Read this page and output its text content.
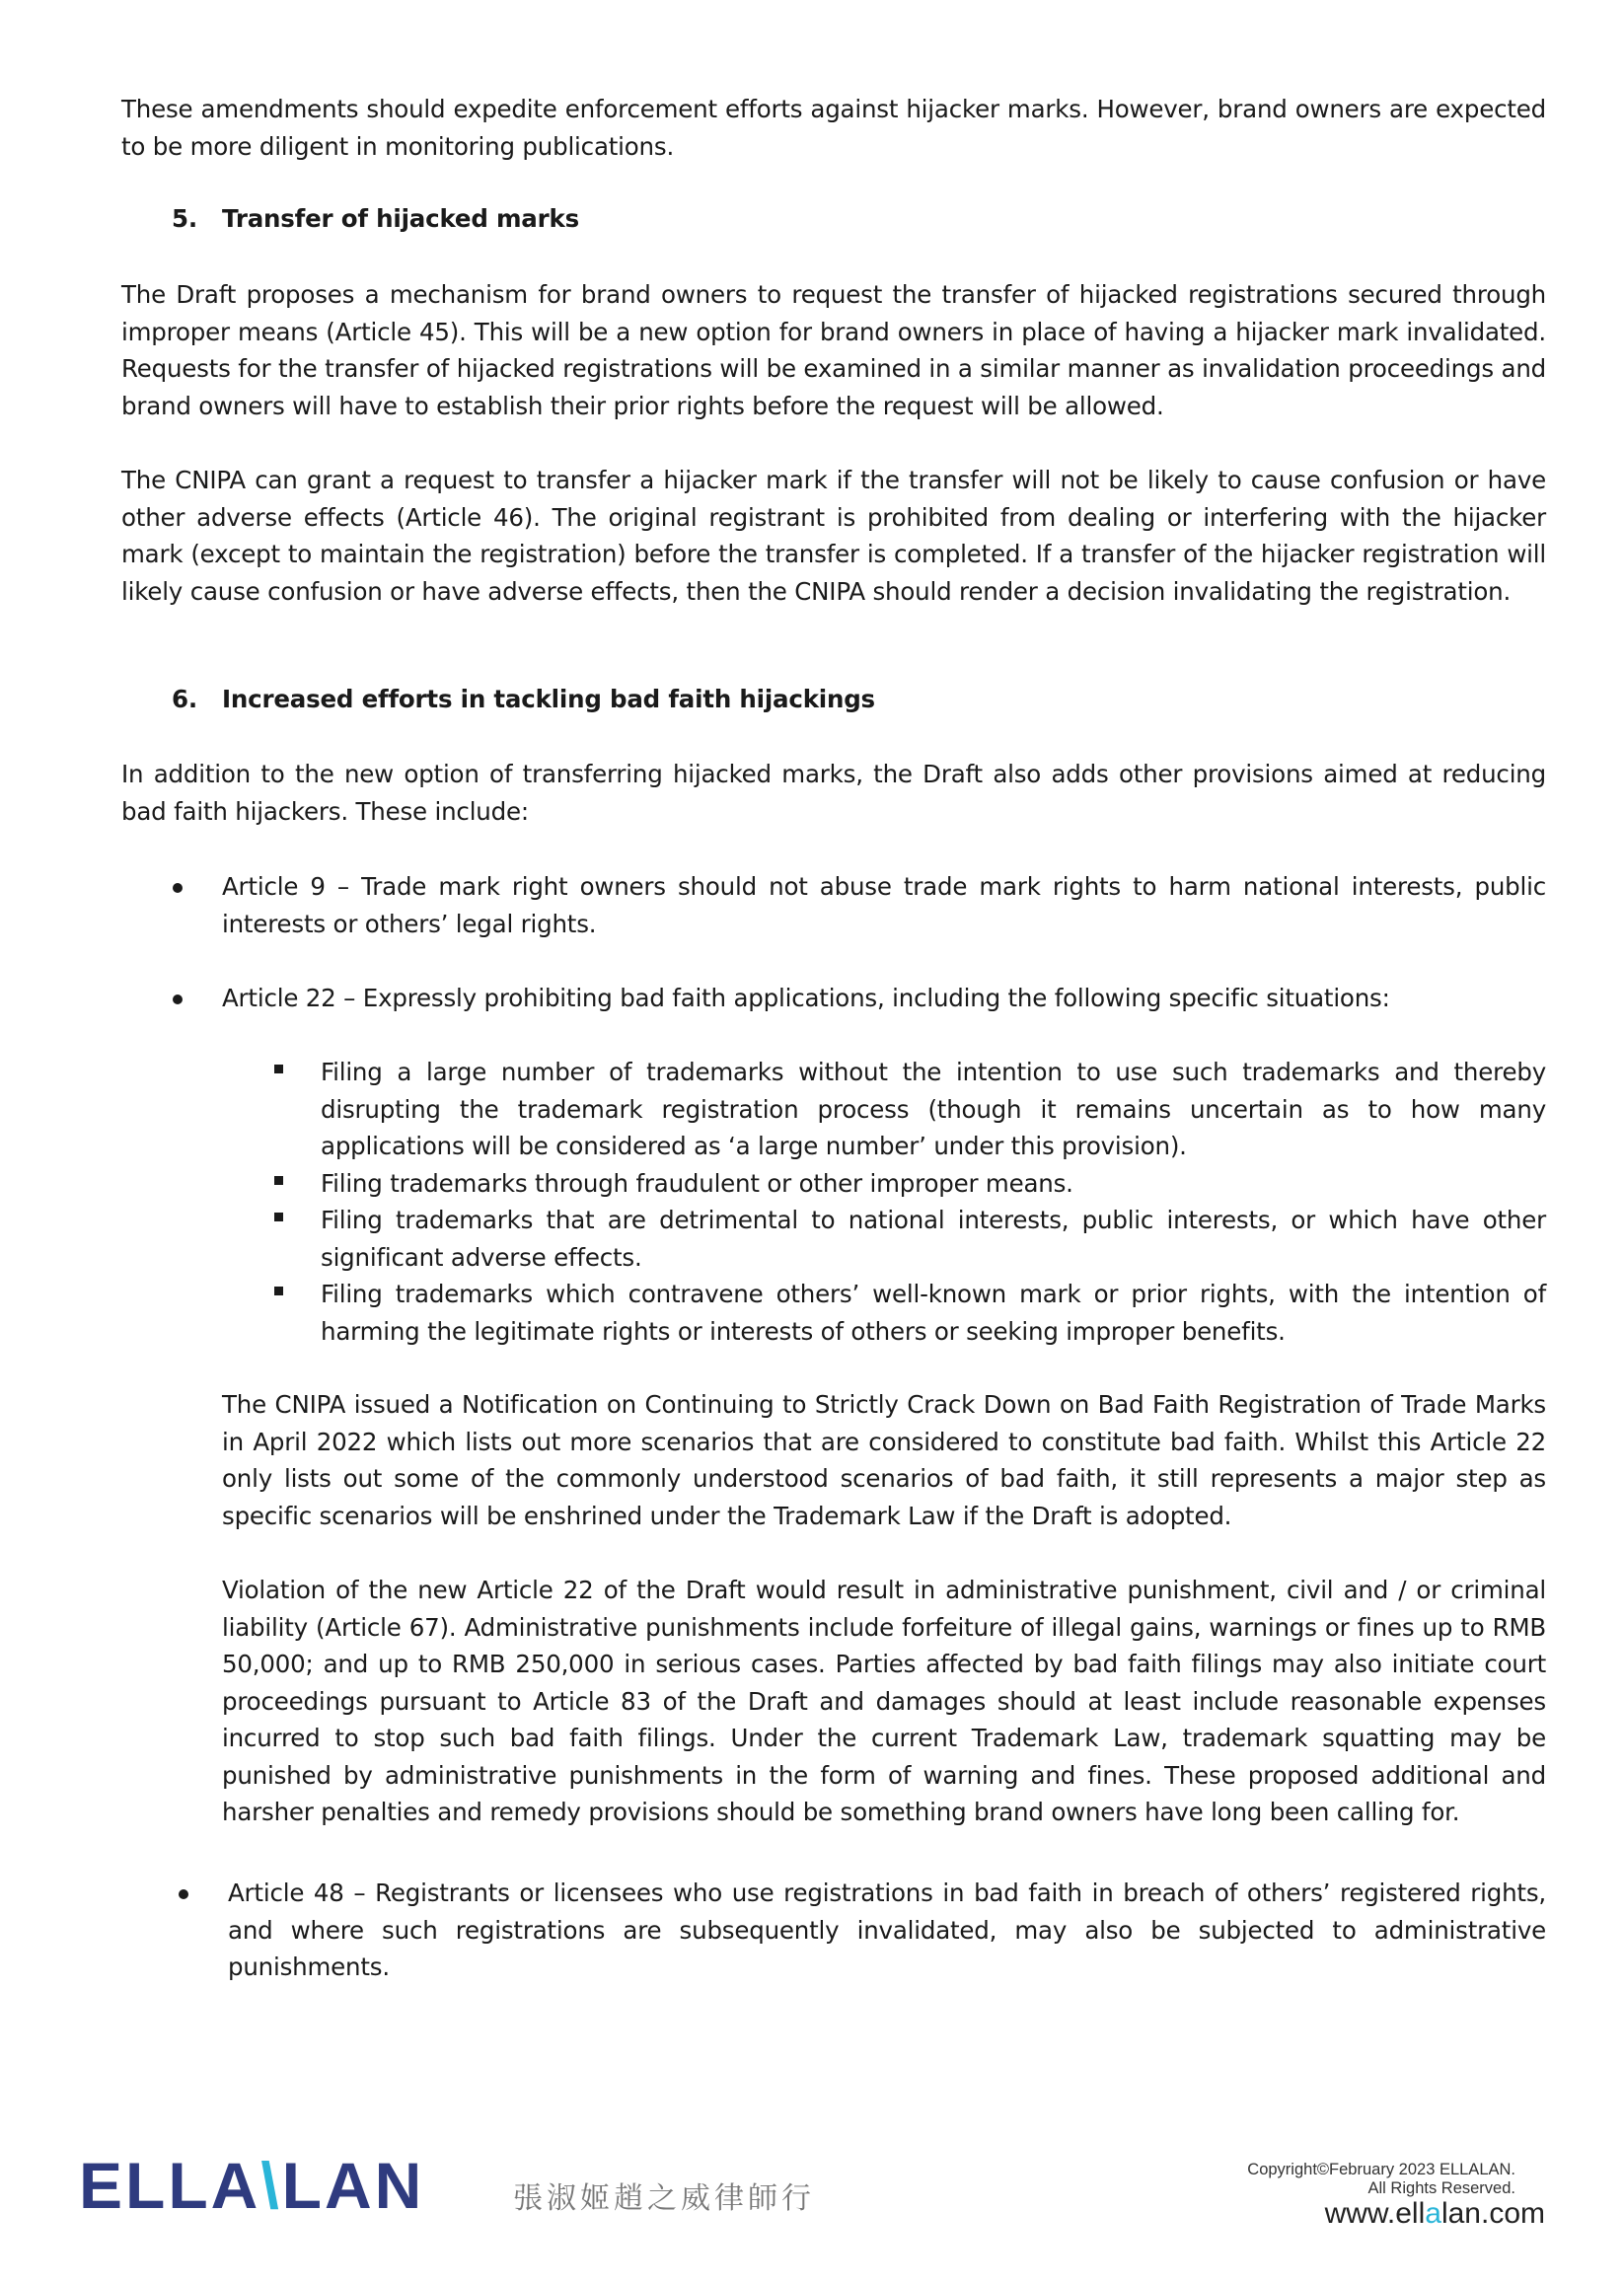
These amendments should expedite enforcement efforts against hijacker marks. However, brand owners are expected to be more diligent in monitoring publications.

5. Transfer of hijacked marks

The Draft proposes a mechanism for brand owners to request the transfer of hijacked registrations secured through improper means (Article 45). This will be a new option for brand owners in place of having a hijacker mark invalidated. Requests for the transfer of hijacked registrations will be examined in a similar manner as invalidation proceedings and brand owners will have to establish their prior rights before the request will be allowed.

The CNIPA can grant a request to transfer a hijacker mark if the transfer will not be likely to cause confusion or have other adverse effects (Article 46). The original registrant is prohibited from dealing or interfering with the hijacker mark (except to maintain the registration) before the transfer is completed. If a transfer of the hijacker registration will likely cause confusion or have adverse effects, then the CNIPA should render a decision invalidating the registration.

6. Increased efforts in tackling bad faith hijackings

In addition to the new option of transferring hijacked marks, the Draft also adds other provisions aimed at reducing bad faith hijackers. These include:

Article 9 – Trade mark right owners should not abuse trade mark rights to harm national interests, public interests or others’ legal rights.

Article 22 – Expressly prohibiting bad faith applications, including the following specific situations:

Filing a large number of trademarks without the intention to use such trademarks and thereby disrupting the trademark registration process (though it remains uncertain as to how many applications will be considered as ‘a large number’ under this provision).

Filing trademarks through fraudulent or other improper means.

Filing trademarks that are detrimental to national interests, public interests, or which have other significant adverse effects.

Filing trademarks which contravene others’ well-known mark or prior rights, with the intention of harming the legitimate rights or interests of others or seeking improper benefits.

The CNIPA issued a Notification on Continuing to Strictly Crack Down on Bad Faith Registration of Trade Marks in April 2022 which lists out more scenarios that are considered to constitute bad faith. Whilst this Article 22 only lists out some of the commonly understood scenarios of bad faith, it still represents a major step as specific scenarios will be enshrined under the Trademark Law if the Draft is adopted.

Violation of the new Article 22 of the Draft would result in administrative punishment, civil and / or criminal liability (Article 67). Administrative punishments include forfeiture of illegal gains, warnings or fines up to RMB 50,000; and up to RMB 250,000 in serious cases. Parties affected by bad faith filings may also initiate court proceedings pursuant to Article 83 of the Draft and damages should at least include reasonable expenses incurred to stop such bad faith filings. Under the current Trademark Law, trademark squatting may be punished by administrative punishments in the form of warning and fines. These proposed additional and harsher penalties and remedy provisions should be something brand owners have long been calling for.

Article 48 – Registrants or licensees who use registrations in bad faith in breach of others’ registered rights, and where such registrations are subsequently invalidated, may also be subjected to administrative punishments.

ELLA\LAN	張淑姬趙之威律師行
Copyright©February 2023 ELLALAN.
All Rights Reserved.
www.ellalan.com
